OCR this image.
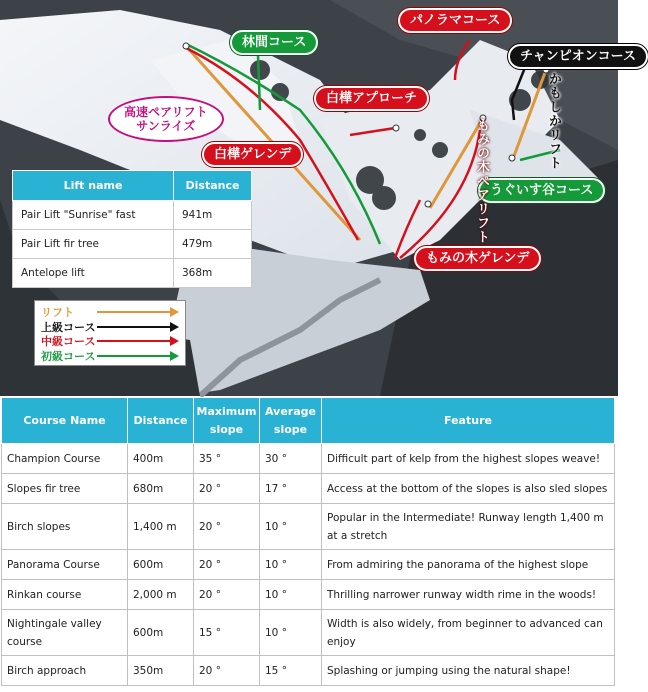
パノラマコース
チャンピオンコース
林間コース
白樺アプローチ
白樺ゲレンデ
高速ペアリフト
サンライズ
うぐいす谷コース
もみの木ゲレンデ
かもしかリフト
もみの木ペアリフト
Lift name	Distance
Pair Lift "Sunrise" fast	941m
Pair Lift fir tree	479m
Antelope lift	368m
リフト
上級コース
中級コース
初級コース
Course Name	Distance	Maximum slope	Average slope	Feature
Champion Course	400m	35 °	30 °	Difficult part of kelp from the highest slopes weave!
Slopes fir tree	680m	20 °	17 °	Access at the bottom of the slopes is also sled slopes
Birch slopes	1,400 m	20 °	10 °	Popular in the Intermediate! Runway length 1,400 m at a stretch
Panorama Course	600m	20 °	10 °	From admiring the panorama of the highest slope
Rinkan course	2,000 m	20 °	10 °	Thrilling narrower runway width rime in the woods!
Nightingale valley course	600m	15 °	10 °	Width is also widely, from beginner to advanced can enjoy
Birch approach	350m	20 °	15 °	Splashing or jumping using the natural shape!
